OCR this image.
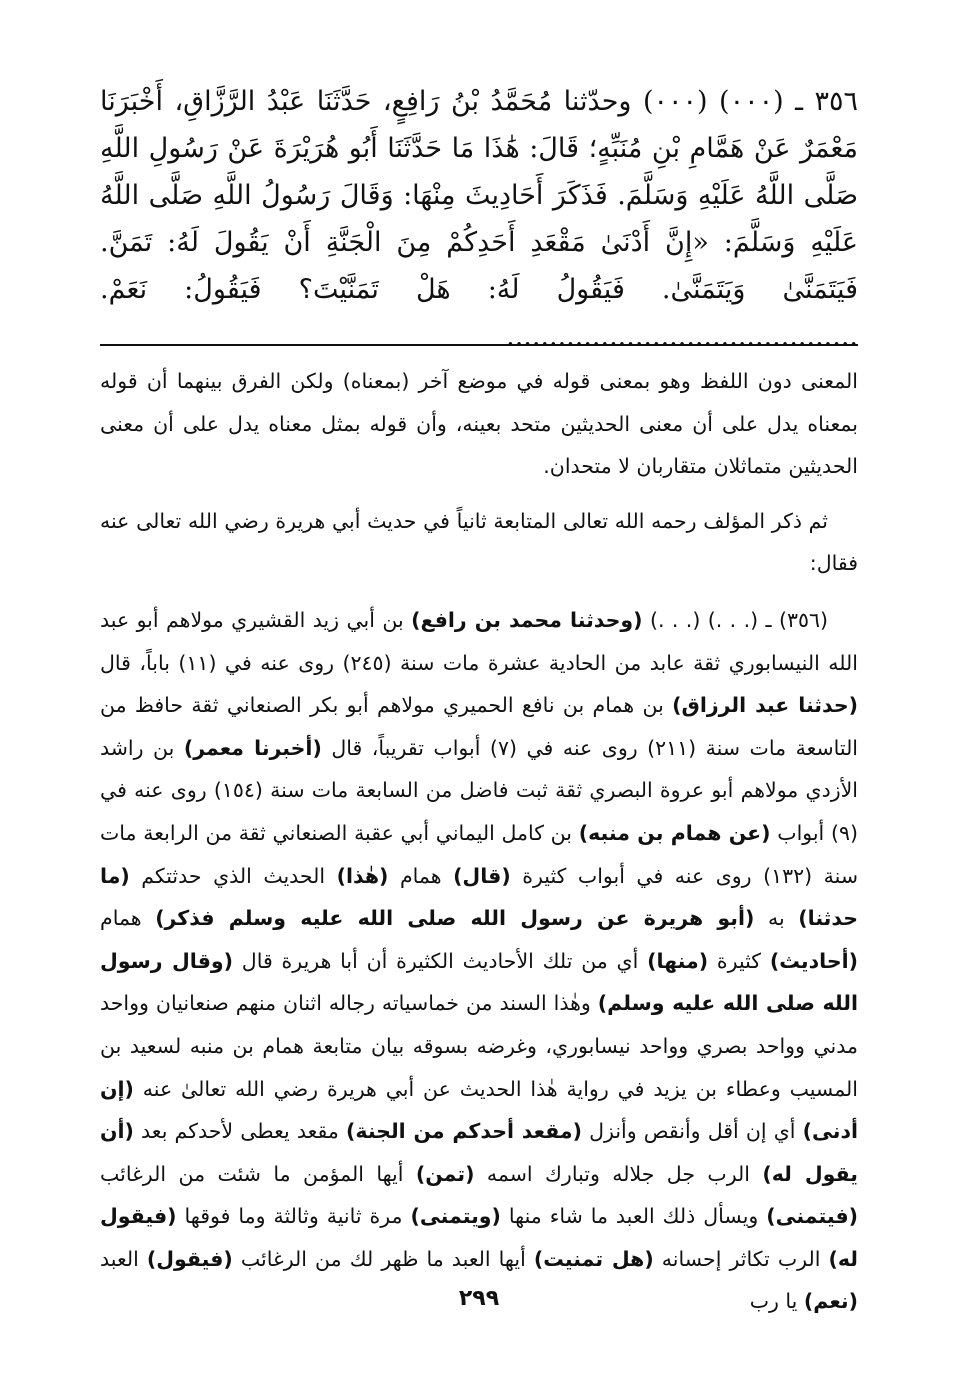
٣٥٦ ـ (٠٠٠) (٠٠٠) وحدّثنا مُحَمَّدُ بْنُ رَافِعٍ، حَدَّثَنَا عَبْدُ الرَّزَّاقِ، أَخْبَرَنَا مَعْمَرٌ عَنْ هَمَّامِ بْنِ مُنَبِّهٍ؛ قَالَ: هَٰذَا مَا حَدَّثَنَا أَبُو هُرَيْرَةَ عَنْ رَسُولِ اللَّهِ صَلَّى اللَّهُ عَلَيْهِ وَسَلَّمَ. فَذَكَرَ أَحَادِيثَ مِنْهَا: وَقَالَ رَسُولُ اللَّهِ صَلَّى اللَّهُ عَلَيْهِ وَسَلَّمَ: «إِنَّ أَدْنَىٰ مَقْعَدِ أَحَدِكُمْ مِنَ الْجَنَّةِ أَنْ يَقُولَ لَهُ: تَمَنَّ. فَيَتَمَنَّىٰ وَيَتَمَنَّىٰ. فَيَقُولُ لَهُ: هَلْ تَمَنَّيْتَ؟ فَيَقُولُ: نَعَمْ. .........................................

المعنى دون اللفظ وهو بمعنى قوله في موضع آخر (بمعناه) ولكن الفرق بينهما أن قوله بمعناه يدل على أن معنى الحديثين متحد بعينه، وأن قوله بمثل معناه يدل على أن معنى الحديثين متماثلان متقاربان لا متحدان.

ثم ذكر المؤلف رحمه الله تعالى المتابعة ثانياً في حديث أبي هريرة رضي الله تعالى عنه فقال:

(٣٥٦) ـ (. . .) (. . .) (وحدثنا محمد بن رافع) بن أبي زيد القشيري مولاهم أبو عبد الله النيسابوري ثقة عابد من الحادية عشرة مات سنة (٢٤٥) روى عنه في (١١) باباً، قال (حدثنا عبد الرزاق) بن همام بن نافع الحميري مولاهم أبو بكر الصنعاني ثقة حافظ من التاسعة مات سنة (٢١١) روى عنه في (٧) أبواب تقريباً، قال (أخبرنا معمر) بن راشد الأزدي مولاهم أبو عروة البصري ثقة ثبت فاضل من السابعة مات سنة (١٥٤) روى عنه في (٩) أبواب (عن همام بن منبه) بن كامل اليماني أبي عقبة الصنعاني ثقة من الرابعة مات سنة (١٣٢) روى عنه في أبواب كثيرة (قال) همام (هٰذا) الحديث الذي حدثتكم (ما حدثنا) به (أبو هريرة عن رسول الله صلى الله عليه وسلم فذكر) همام (أحاديث) كثيرة (منها) أي من تلك الأحاديث الكثيرة أن أبا هريرة قال (وقال رسول الله صلى الله عليه وسلم) وهٰذا السند من خماسياته رجاله اثنان منهم صنعانيان وواحد مدني وواحد بصري وواحد نيسابوري، وغرضه بسوقه بيان متابعة همام بن منبه لسعيد بن المسيب وعطاء بن يزيد في رواية هٰذا الحديث عن أبي هريرة رضي الله تعالىٰ عنه (إن أدنى) أي إن أقل وأنقص وأنزل (مقعد أحدكم من الجنة) مقعد يعطى لأحدكم بعد (أن يقول له) الرب جل جلاله وتبارك اسمه (تمن) أيها المؤمن ما شئت من الرغائب (فيتمنى) ويسأل ذلك العبد ما شاء منها (ويتمنى) مرة ثانية وثالثة وما فوقها (فيقول له) الرب تكاثر إحسانه (هل تمنيت) أيها العبد ما ظهر لك من الرغائب (فيقول) العبد (نعم) يا رب

٢٩٩
